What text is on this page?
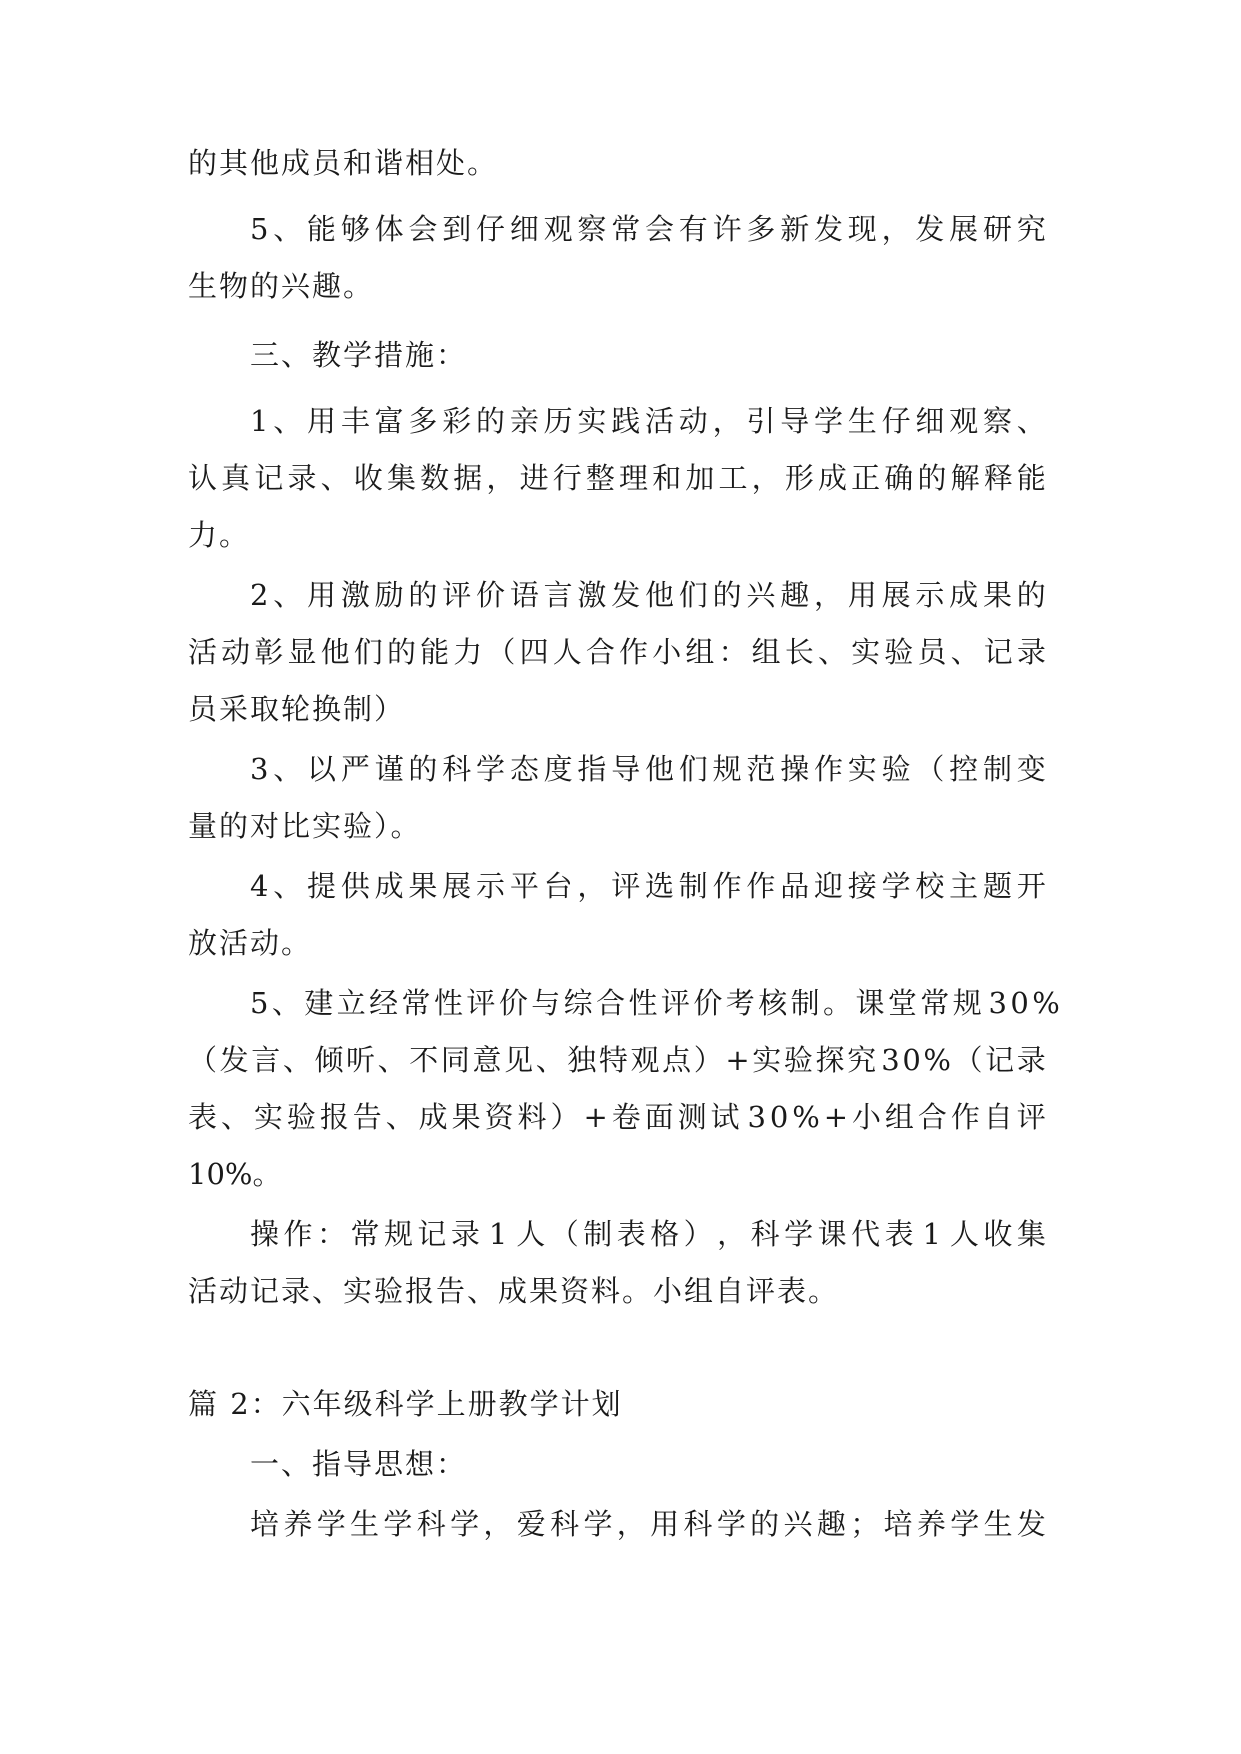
的其他成员和谐相处。
5 、 能 够 体 会 到 仔 细 观 察 常 会 有 许 多 新 发 现 ， 发 展 研 究
生物的兴趣。
三、教学措施：
1 、 用 丰 富 多 彩 的 亲 历 实 践 活 动 ， 引 导 学 生 仔 细 观 察 、
认 真 记 录 、 收 集 数 据 ， 进 行 整 理 和 加 工 ， 形 成 正 确 的 解 释 能
力。
2 、 用 激 励 的 评 价 语 言 激 发 他 们 的 兴 趣 ， 用 展 示 成 果 的
活 动 彰 显 他 们 的 能 力 （ 四 人 合 作 小 组 ： 组 长 、 实 验 员 、 记 录
员采取轮换制）
3 、 以 严 谨 的 科 学 态 度 指 导 他 们 规 范 操 作 实 验 （ 控 制 变
量的对比实验）。
4 、 提 供 成 果 展 示 平 台 ， 评 选 制 作 作 品 迎 接 学 校 主 题 开
放活动。
5 、 建 立 经 常 性 评 价 与 综 合 性 评 价 考 核 制 。 课 堂 常 规 3 0 %
（ 发 言 、 倾 听 、 不 同 意 见 、 独 特 观 点 ） + 实 验 探 究 3 0 % （ 记 录
表 、 实 验 报 告 、 成 果 资 料 ） + 卷 面 测 试 3 0 % + 小 组 合 作 自 评
10%。
操 作 ： 常 规 记 录 1 人 （ 制 表 格 ） ， 科 学 课 代 表 1 人 收 集
活动记录、实验报告、成果资料。小组自评表。
篇 2：六年级科学上册教学计划
一、指导思想：
培 养 学 生 学 科 学 ， 爱 科 学 ， 用 科 学 的 兴 趣 ； 培 养 学 生 发
